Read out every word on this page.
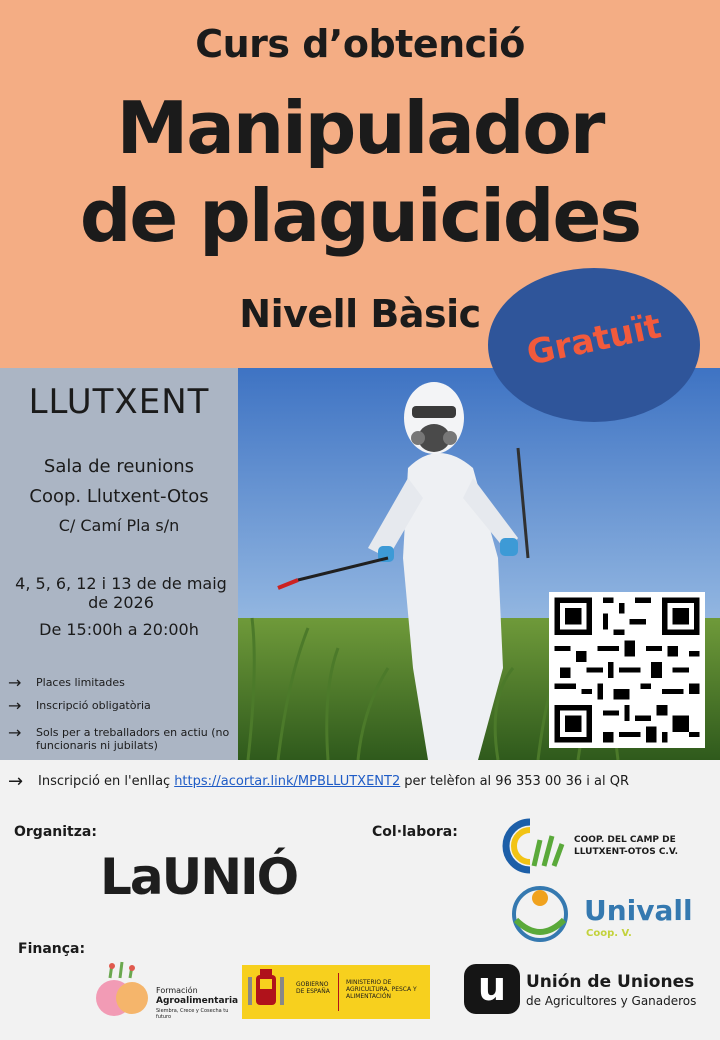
Curs d’obtenció
Manipulador
de plaguicides
Nivell Bàsic	Gratuït
LLUTXENT
Sala de reunions
Coop. Llutxent-Otos
C/ Camí Pla s/n
4, 5, 6, 12 i 13 de de maig de 2026
De 15:00h a 20:00h
→	Places limitades
→	Inscripció obligatòria
→	Sols per a treballadors en actiu (no funcionaris ni jubilats)
→	Inscripció en l'enllaç https://acortar.link/MPBLLUTXENT2 per telèfon al 96 353 00 36 i al QR
Organitza:
LaUNIÓ
Col·labora:	COOP. DEL CAMP DE LLUTXENT-OTOS C.V.
Univall
Coop. V.
Finança:
Formación
Agroalimentaria
Siembra, Crece y Cosecha tu futuro
GOBIERNO DE ESPAÑA
MINISTERIO DE AGRICULTURA, PESCA Y ALIMENTACIÓN	u	Unión de Uniones
de Agricultores y Ganaderos
